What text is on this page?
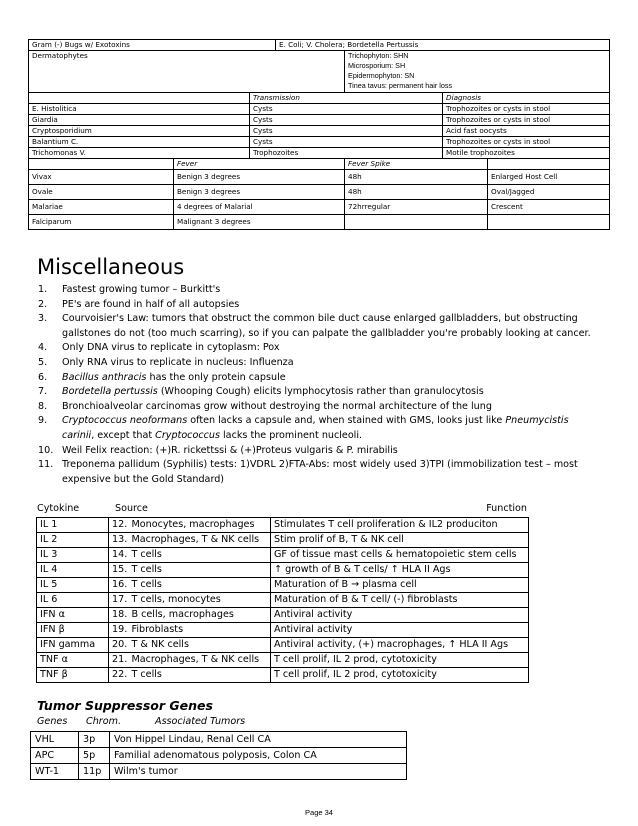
Gram (-) Bugs w/ Exotoxins			E. Coli; V. Cholera; Bordetella Pertussis			
Dermatophytes				Trichophyton: SHN
Microsporium: SH
Epidermophyton: SN
Tinea tavus: permanent hair loss		

		Transmission			Diagnosis	
E. Histolitica		Cysts			Trophozoites or cysts in stool	
Giardia		Cysts			Trophozoites or cysts in stool	
Cryptosporidium		Cysts			Acid fast oocysts	
Balantium C.		Cysts			Trophozoites or cysts in stool	
Trichomonas V.		Trophozoites			Motile trophozoites	
	Fever			Fever Spike		
Vivax	Benign 3 degrees			48h		Enlarged Host Cell
Ovale	Benign 3 degrees			48h		Oval/Jagged
Malariae	4 degrees of Malarial			72hrregular		Crescent
Falciparum	Malignant 3 degrees					
Miscellaneous
1. Fastest growing tumor – Burkitt's
2. PE's are found in half of all autopsies
3. Courvoisier's Law: tumors that obstruct the common bile duct cause enlarged gallbladders, but obstructing gallstones do not (too much scarring), so if you can palpate the gallbladder you're probably looking at cancer.
4. Only DNA virus to replicate in cytoplasm: Pox
5. Only RNA virus to replicate in nucleus: Influenza
6. Bacillus anthracis has the only protein capsule
7. Bordetella pertussis (Whooping Cough) elicits lymphocytosis rather than granulocytosis
8. Bronchioalveolar carcinomas grow without destroying the normal architecture of the lung
9. Cryptococcus neoformans often lacks a capsule and, when stained with GMS, looks just like Pneumycistis carinii, except that Cryptococcus lacks the prominent nucleoli.
10. Weil Felix reaction: (+)R. rickettssi & (+)Proteus vulgaris & P. mirabilis
11. Treponema pallidum (Syphilis) tests: 1)VDRL 2)FTA-Abs: most widely used 3)TPI (immobilization test – most expensive but the Gold Standard)
Cytokine	Source	Function
IL 1	12.	Monocytes, macrophages	Stimulates T cell proliferation & IL2 produciton
IL 2	13.	Macrophages, T & NK cells	Stim prolif of B, T & NK cell
IL 3	14.	T cells	GF of tissue mast cells & hematopoietic stem cells
IL 4	15.	T cells	↑ growth of B & T cells/ ↑ HLA II Ags
IL 5	16.	T cells	Maturation of B → plasma cell
IL 6	17.	T cells, monocytes	Maturation of B & T cell/ (-) fibroblasts
IFN α	18.	B cells, macrophages	Antiviral activity
IFN β	19.	Fibroblasts	Antiviral activity
IFN gamma	20.	T & NK cells	Antiviral activity, (+) macrophages, ↑ HLA II Ags
TNF α	21.	Macrophages, T & NK cells	T cell prolif, IL 2 prod, cytotoxicity
TNF β	22.	T cells	T cell prolif, IL 2 prod, cytotoxicity
Tumor Suppressor Genes
Genes Chrom.	Associated Tumors
VHL	3p	Von Hippel Lindau, Renal Cell CA
APC	5p	Familial adenomatous polyposis, Colon CA
WT-1	11p	Wilm's tumor
Page 34
